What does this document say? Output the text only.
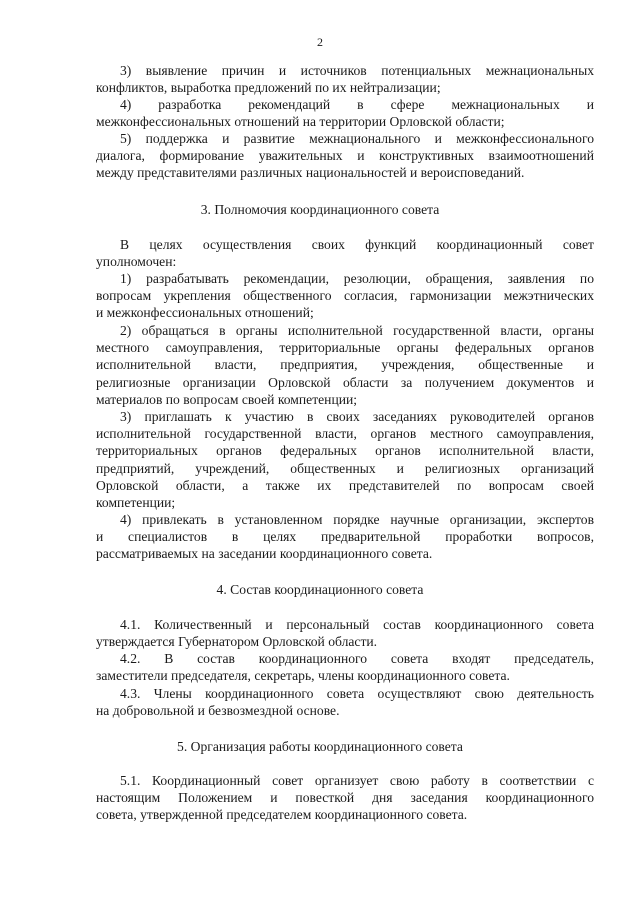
2
3) выявление причин и источников потенциальных межнациональных
конфликтов, выработка предложений по их нейтрализации;
4) разработка рекомендаций в сфере межнациональных и
межконфессиональных отношений на территории Орловской области;
5) поддержка и развитие межнационального и межконфессионального
диалога, формирование уважительных и конструктивных взаимоотношений
между представителями различных национальностей и вероисповеданий.
3. Полномочия координационного совета
В целях осуществления своих функций координационный совет
уполномочен:
1) разрабатывать рекомендации, резолюции, обращения, заявления по
вопросам укрепления общественного согласия, гармонизации межэтнических
и межконфессиональных отношений;
2) обращаться в органы исполнительной государственной власти, органы
местного самоуправления, территориальные органы федеральных органов
исполнительной власти, предприятия, учреждения, общественные и
религиозные организации Орловской области за получением документов и
материалов по вопросам своей компетенции;
3) приглашать к участию в своих заседаниях руководителей органов
исполнительной государственной власти, органов местного самоуправления,
территориальных органов федеральных органов исполнительной власти,
предприятий, учреждений, общественных и религиозных организаций
Орловской области, а также их представителей по вопросам своей
компетенции;
4) привлекать в установленном порядке научные организации, экспертов
и специалистов в целях предварительной проработки вопросов,
рассматриваемых на заседании координационного совета.
4. Состав координационного совета
4.1. Количественный и персональный состав координационного совета
утверждается Губернатором Орловской области.
4.2. В состав координационного совета входят председатель,
заместители председателя, секретарь, члены координационного совета.
4.3. Члены координационного совета осуществляют свою деятельность
на добровольной и безвозмездной основе.
5. Организация работы координационного совета
5.1. Координационный совет организует свою работу в соответствии с
настоящим Положением и повесткой дня заседания координационного
совета, утвержденной председателем координационного совета.
